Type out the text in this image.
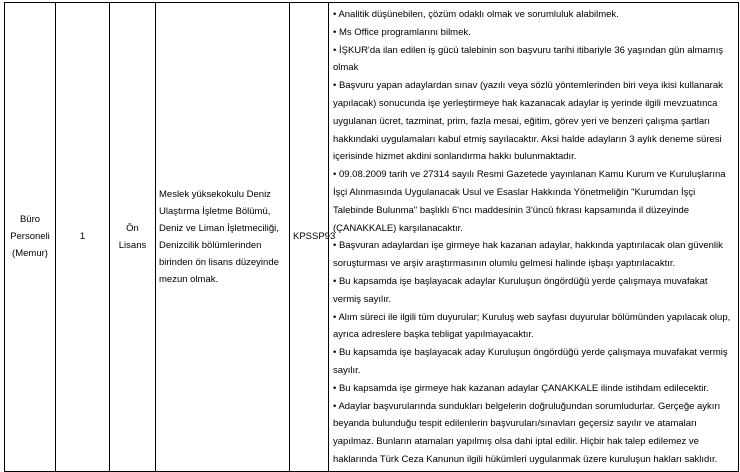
Büro Personeli (Memur)	1	Ön Lisans	Meslek yüksekokulu Deniz Ulaştırma İşletme Bölümü, Deniz ve Liman İşletmeciliği, Denizcilik bölümlerinden birinden ön lisans düzeyinde mezun olmak.	KPSSP93	
• Analitik düşünebilen, çözüm odaklı olmak ve sorumluluk alabilmek.
• Ms Office programlarını bilmek.
• İŞKUR'da ilan edilen iş gücü talebinin son başvuru tarihi itibariyle 36 yaşından gün almamış olmak
• Başvuru yapan adaylardan sınav (yazılı veya sözlü yöntemlerinden biri veya ikisi kullanarak yapılacak) sonucunda işe yerleştirmeye hak kazanacak adaylar iş yerinde ilgili mevzuatınca uygulanan ücret, tazminat, prim, fazla mesai, eğitim, görev yeri ve benzeri çalışma şartları hakkındaki uygulamaları kabul etmiş sayılacaktır. Aksi halde adayların 3 aylık deneme süresi içerisinde hizmet akdini sonlandırma hakkı bulunmaktadır.
• 09.08.2009 tarih ve 27314 sayılı Resmi Gazetede yayınlanan Kamu Kurum ve Kuruluşlarına İşçi Alınmasında Uygulanacak Usul ve Esaslar Hakkında Yönetmeliğin "Kurumdan İşçi Talebinde Bulunma" başlıklı 6'ncı maddesinin 3'üncü fıkrası kapsamında il düzeyinde (ÇANAKKALE) karşılanacaktır.
• Başvuran adaylardan işe girmeye hak kazanan adaylar, hakkında yaptırılacak olan güvenlik soruşturması ve arşiv araştırmasının olumlu gelmesi halinde işbaşı yaptırılacaktır.
• Bu kapsamda işe başlayacak adaylar Kuruluşun öngördüğü yerde çalışmaya muvafakat vermiş sayılır.
• Alım süreci ile ilgili tüm duyurular; Kuruluş web sayfası duyurular bölümünden yapılacak olup, ayrıca adreslere başka tebligat yapılmayacaktır.
• Bu kapsamda işe başlayacak aday Kuruluşun öngördüğü yerde çalışmaya muvafakat vermiş sayılır.
• Bu kapsamda işe girmeye hak kazanan adaylar ÇANAKKALE ilinde istihdam edilecektir.
• Adaylar başvurularında sundukları belgelerin doğruluğundan sorumludurlar. Gerçeğe aykırı beyanda bulunduğu tespit edilenlerin başvuruları/sınavları geçersiz sayılır ve atamaları yapılmaz. Bunların atamaları yapılmış olsa dahi iptal edilir. Hiçbir hak talep edilemez ve haklarında Türk Ceza Kanunun ilgili hükümleri uygulanmak üzere kuruluşun hakları saklıdır.
